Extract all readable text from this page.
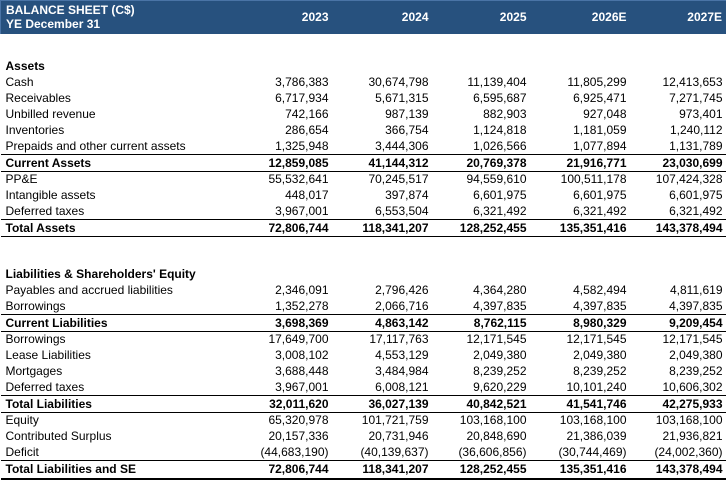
BALANCE SHEET (C$)
YE December 31	2023	2024	2025	2026E	2027E

Assets					
Cash	3,786,383	30,674,798	11,139,404	11,805,299	12,413,653
Receivables	6,717,934	5,671,315	6,595,687	6,925,471	7,271,745
Unbilled revenue	742,166	987,139	882,903	927,048	973,401
Inventories	286,654	366,754	1,124,818	1,181,059	1,240,112
Prepaids and other current assets	1,325,948	3,444,306	1,026,566	1,077,894	1,131,789
Current Assets	12,859,085	41,144,312	20,769,378	21,916,771	23,030,699
PP&E	55,532,641	70,245,517	94,559,610	100,511,178	107,424,328
Intangible assets	448,017	397,874	6,601,975	6,601,975	6,601,975
Deferred taxes	3,967,001	6,553,504	6,321,492	6,321,492	6,321,492
Total Assets	72,806,744	118,341,207	128,252,455	135,351,416	143,378,494

Liabilities & Shareholders' Equity					
Payables and accrued liabilities	2,346,091	2,796,426	4,364,280	4,582,494	4,811,619
Borrowings	1,352,278	2,066,716	4,397,835	4,397,835	4,397,835
Current Liabilities	3,698,369	4,863,142	8,762,115	8,980,329	9,209,454
Borrowings	17,649,700	17,117,763	12,171,545	12,171,545	12,171,545
Lease Liabilities	3,008,102	4,553,129	2,049,380	2,049,380	2,049,380
Mortgages	3,688,448	3,484,984	8,239,252	8,239,252	8,239,252
Deferred taxes	3,967,001	6,008,121	9,620,229	10,101,240	10,606,302
Total Liabilities	32,011,620	36,027,139	40,842,521	41,541,746	42,275,933
Equity	65,320,978	101,721,759	103,168,100	103,168,100	103,168,100
Contributed Surplus	20,157,336	20,731,946	20,848,690	21,386,039	21,936,821
Deficit	(44,683,190)	(40,139,637)	(36,606,856)	(30,744,469)	(24,002,360)
Total Liabilities and SE	72,806,744	118,341,207	128,252,455	135,351,416	143,378,494
